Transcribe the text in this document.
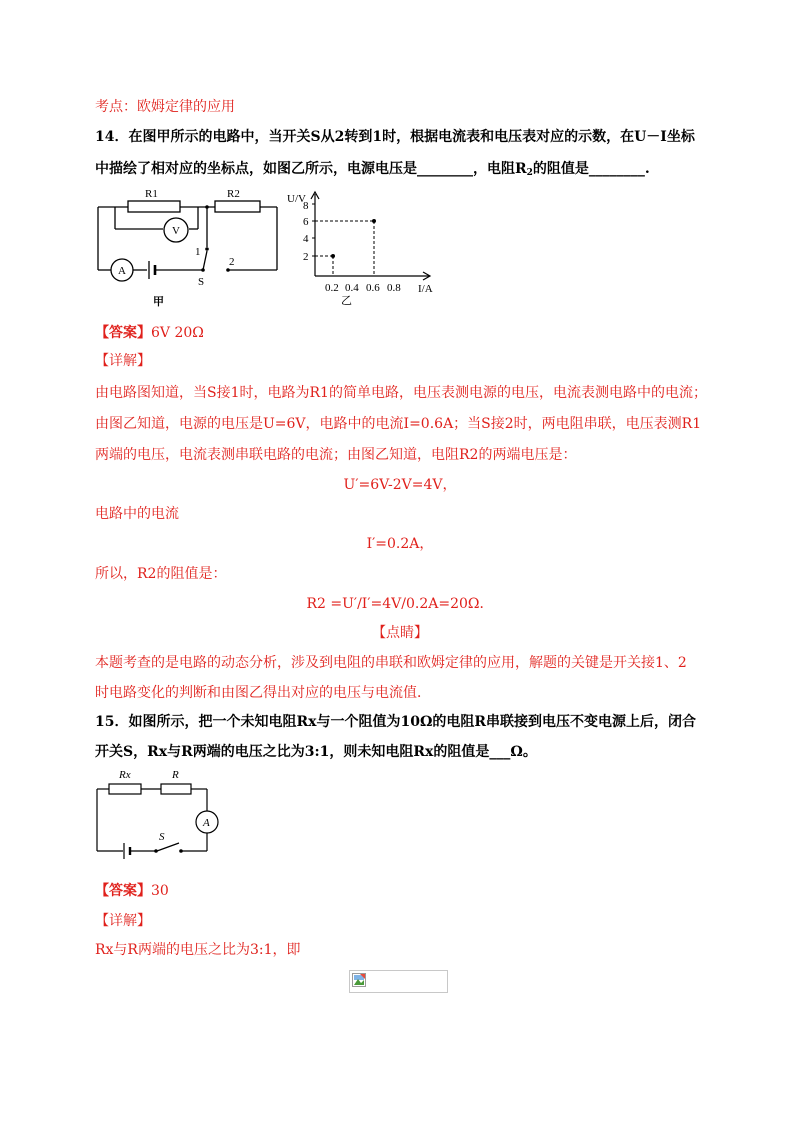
考点：欧姆定律的应用
14．在图甲所示的电路中，当开关S从2转到1时，根据电流表和电压表对应的示数，在U－I坐标
中描绘了相对应的坐标点，如图乙所示，电源电压是________，电阻$R_2$的阻值是________.
R1	R2
V
A
1
2
S
甲
U/V
2
4
6
8
0.2 0.4 0.6 0.8 I/A
乙
【答案】6V 20Ω
【详解】
由电路图知道，当S接1时，电路为R1的简单电路，电压表测电源的电压，电流表测电路中的电流；
由图乙知道，电源的电压是U=6V，电路中的电流I=0.6A；当S接2时，两电阻串联，电压表测R1
两端的电压，电流表测串联电路的电流；由图乙知道，电阻R2的两端电压是：
U′=6V-2V=4V，
电路中的电流
I′=0.2A，
所以，R2的阻值是：
R2 =U′/I′=4V/0.2A=20Ω．
【点睛】
本题考查的是电路的动态分析，涉及到电阻的串联和欧姆定律的应用，解题的关键是开关接1、2
时电路变化的判断和由图乙得出对应的电压与电流值．
15．如图所示，把一个未知电阻Rx与一个阻值为10Ω的电阻R串联接到电压不变电源上后，闭合
开关S，Rx与R两端的电压之比为3:1，则未知电阻Rx的阻值是___Ω。
Rx	R
A
S
【答案】30
【详解】
Rx与R两端的电压之比为3:1，即
